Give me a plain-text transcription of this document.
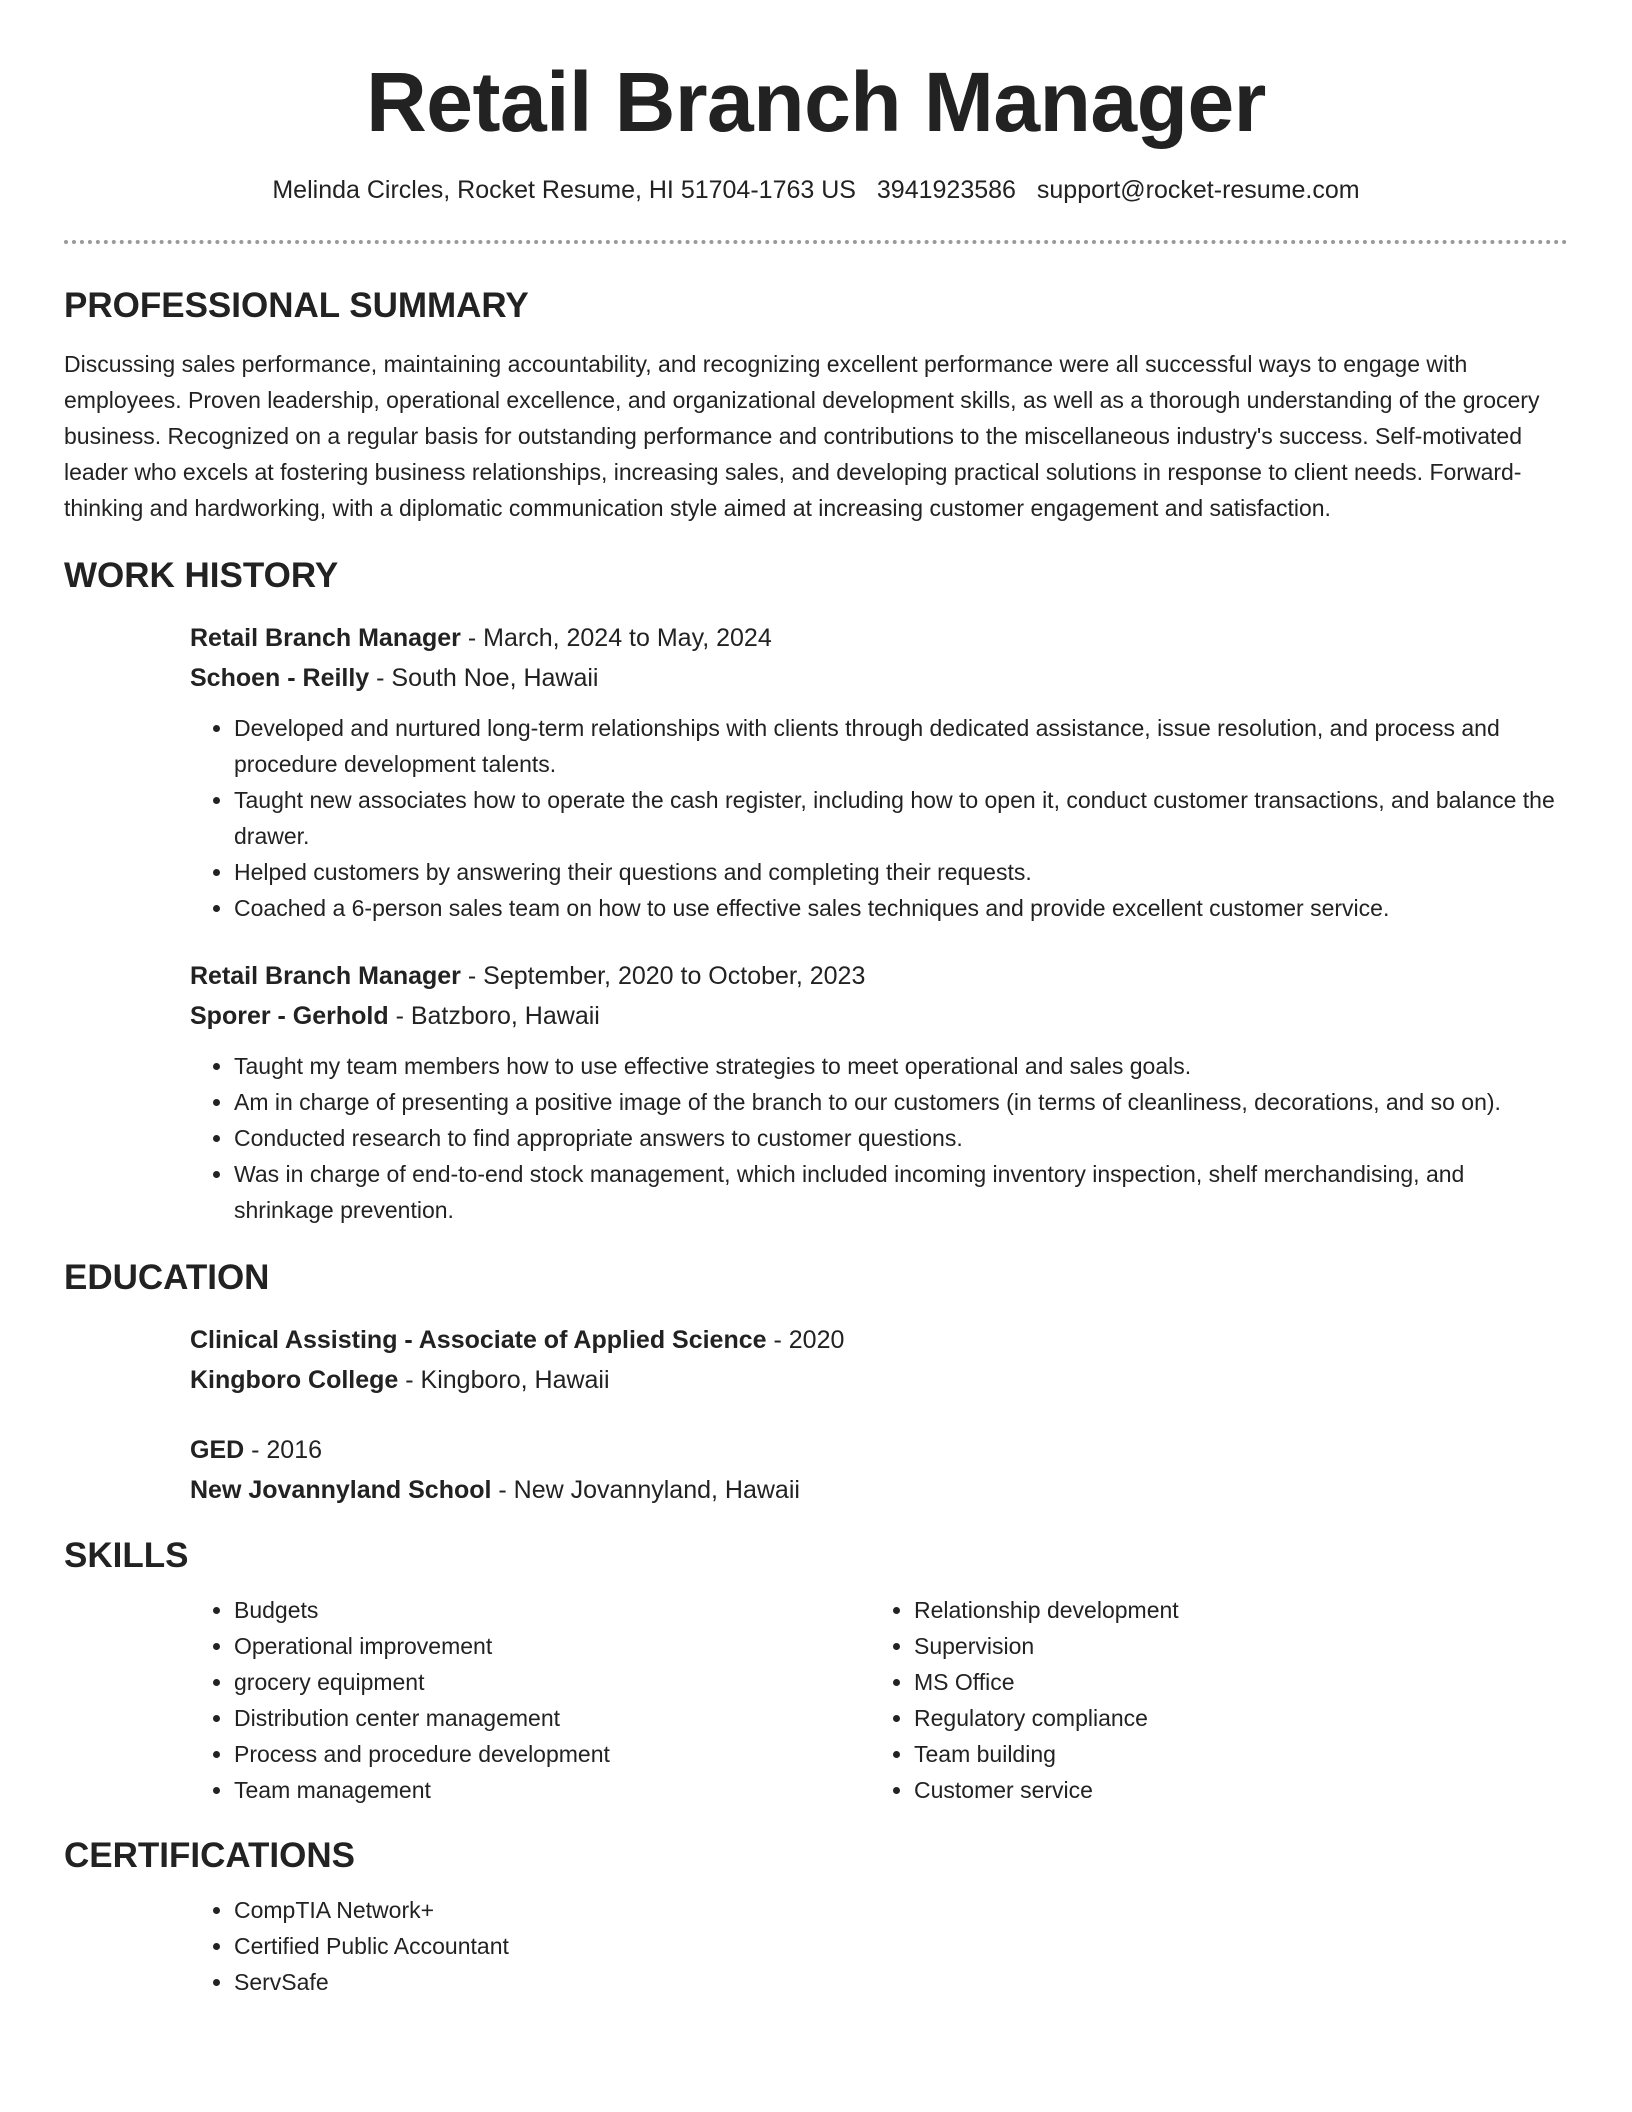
Retail Branch Manager
Melinda Circles, Rocket Resume, HI 51704-1763 US 3941923586 support@rocket-resume.com
PROFESSIONAL SUMMARY

Discussing sales performance, maintaining accountability, and recognizing excellent performance were all successful ways to engage with employees. Proven leadership, operational excellence, and organizational development skills, as well as a thorough understanding of the grocery business. Recognized on a regular basis for outstanding performance and contributions to the miscellaneous industry's success. Self-motivated leader who excels at fostering business relationships, increasing sales, and developing practical solutions in response to client needs. Forward-thinking and hardworking, with a diplomatic communication style aimed at increasing customer engagement and satisfaction.

WORK HISTORY
Retail Branch Manager - March, 2024 to May, 2024
Schoen - Reilly - South Noe, Hawaii
• Developed and nurtured long-term relationships with clients through dedicated assistance, issue resolution, and process and procedure development talents.
• Taught new associates how to operate the cash register, including how to open it, conduct customer transactions, and balance the drawer.
• Helped customers by answering their questions and completing their requests.
• Coached a 6-person sales team on how to use effective sales techniques and provide excellent customer service.
Retail Branch Manager - September, 2020 to October, 2023
Sporer - Gerhold - Batzboro, Hawaii
• Taught my team members how to use effective strategies to meet operational and sales goals.
• Am in charge of presenting a positive image of the branch to our customers (in terms of cleanliness, decorations, and so on).
• Conducted research to find appropriate answers to customer questions.
• Was in charge of end-to-end stock management, which included incoming inventory inspection, shelf merchandising, and shrinkage prevention.
EDUCATION
Clinical Assisting - Associate of Applied Science - 2020
Kingboro College - Kingboro, Hawaii
GED - 2016
New Jovannyland School - New Jovannyland, Hawaii
SKILLS
• Budgets
• Operational improvement
• grocery equipment
• Distribution center management
• Process and procedure development
• Team management
• Relationship development
• Supervision
• MS Office
• Regulatory compliance
• Team building
• Customer service
CERTIFICATIONS
• CompTIA Network+
• Certified Public Accountant
• ServSafe
